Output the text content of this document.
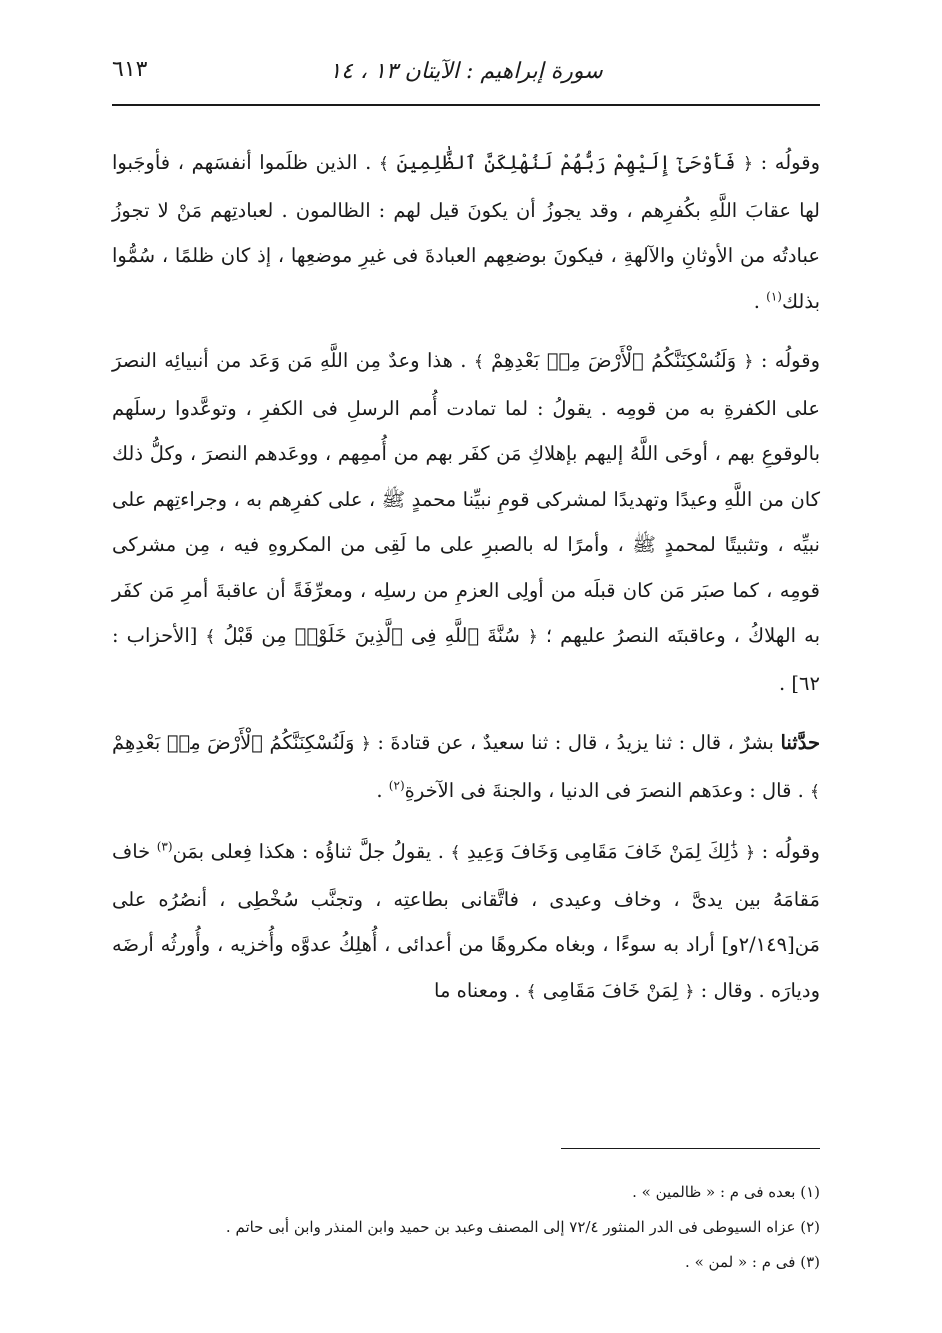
سورة إبراهيم : الآيتان ١٣ ، ١٤
٦١٣

وقولُه : ﴿ فَأَوْحَىٰٓ إِلَيْهِمْ رَبُّهُمْ لَنُهْلِكَنَّ ٱلظَّٰلِمِينَ ﴾ . الذين ظلَموا أنفسَهم ، فأوجَبوا لها عقابَ اللَّهِ بكُفرِهم ، وقد يجوزُ أن يكونَ قيل لهم : الظالمون . لعبادتِهم مَنْ لا تجوزُ عبادتُه من الأوثانِ والآلهةِ ، فيكونَ بوضعِهم العبادةَ فى غيرِ موضعِها ، إذ كان ظلمًا ، سُمُّوا بذلك$^{(١)}$ .

وقولُه : ﴿ وَلَنُسْكِنَنَّكُمُ ٱلْأَرْضَ مِنۢ بَعْدِهِمْ ﴾ . هذا وعدٌ مِن اللَّهِ مَن وَعَد من أنبيائِه النصرَ على الكفرةِ به من قومِه . يقولُ : لما تمادت أُمم الرسلِ فى الكفرِ ، وتوعَّدوا رسلَهم بالوقوعِ بهم ، أوحَى اللَّهُ إليهم بإهلاكِ مَن كفَر بهم من أُممِهم ، ووعَدهم النصرَ ، وكلُّ ذلك كان من اللَّهِ وعيدًا وتهديدًا لمشركى قومِ نبيِّنا محمدٍ ﷺ ، على كفرِهم به ، وجراءتِهم على نبيِّه ، وتثبيتًا لمحمدٍ ﷺ ، وأمرًا له بالصبرِ على ما لَقِى من المكروهِ فيه ، مِن مشركى قومِه ، كما صبَر مَن كان قبلَه من أولِى العزمِ من رسلِه ، ومعرِّفَةً أن عاقبةَ أمرِ مَن كفَر به الهلاكُ ، وعاقبتَه النصرُ عليهم ؛ ﴿ سُنَّةَ ٱللَّهِ فِى ٱلَّذِينَ خَلَوْا۟ مِن قَبْلُ ﴾ [الأحزاب : ٦٢] .

حدَّثنا بشرٌ ، قال : ثنا يزيدُ ، قال : ثنا سعيدٌ ، عن قتادةَ : ﴿ وَلَنُسْكِنَنَّكُمُ ٱلْأَرْضَ مِنۢ بَعْدِهِمْ ﴾ . قال : وعدَهم النصرَ فى الدنيا ، والجنةَ فى الآخرةِ$^{(٢)}$ .

وقولُه : ﴿ ذَٰلِكَ لِمَنْ خَافَ مَقَامِى وَخَافَ وَعِيدِ ﴾ . يقولُ جلَّ ثناؤُه : هكذا فِعلى بمَن$^{(٣)}$ خاف مَقامَهُ بين يدىَّ ، وخاف وعيدى ، فاتَّقانى بطاعتِه ، وتجنَّب سُخْطِى ، أنصُرُه على مَن[٢/١٤٩و] أراد به سوءًا ، وبغاه مكروهًا من أعدائى ، أُهلِكُ عدوَّه وأُخزيه ، وأُورثُه أرضَه وديارَه . وقال : ﴿ لِمَنْ خَافَ مَقَامِى ﴾ . ومعناه ما

(١) بعده فى م : « ظالمين » .
(٢) عزاه السيوطى فى الدر المنثور ٧٢/٤ إلى المصنف وعبد بن حميد وابن المنذر وابن أبى حاتم .
(٣) فى م : « لمن » .
